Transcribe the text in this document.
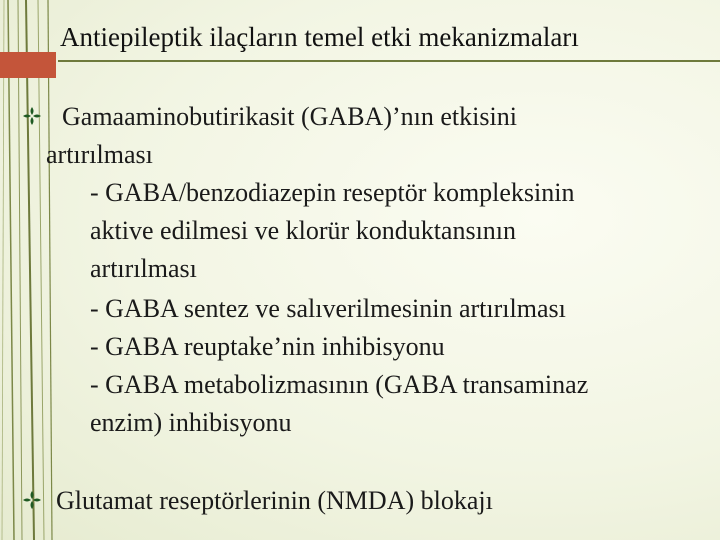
Antiepileptik ilaçların temel etki mekanizmaları
Gamaaminobutirikasit (GABA)’nın etkisini
artırılması
- GABA/benzodiazepin reseptör kompleksinin
aktive edilmesi ve klorür konduktansının
artırılması
- GABA sentez ve salıverilmesinin artırılması
- GABA reuptake’nin inhibisyonu
- GABA metabolizmasının (GABA transaminaz
enzim) inhibisyonu
Glutamat reseptörlerinin (NMDA) blokajı
